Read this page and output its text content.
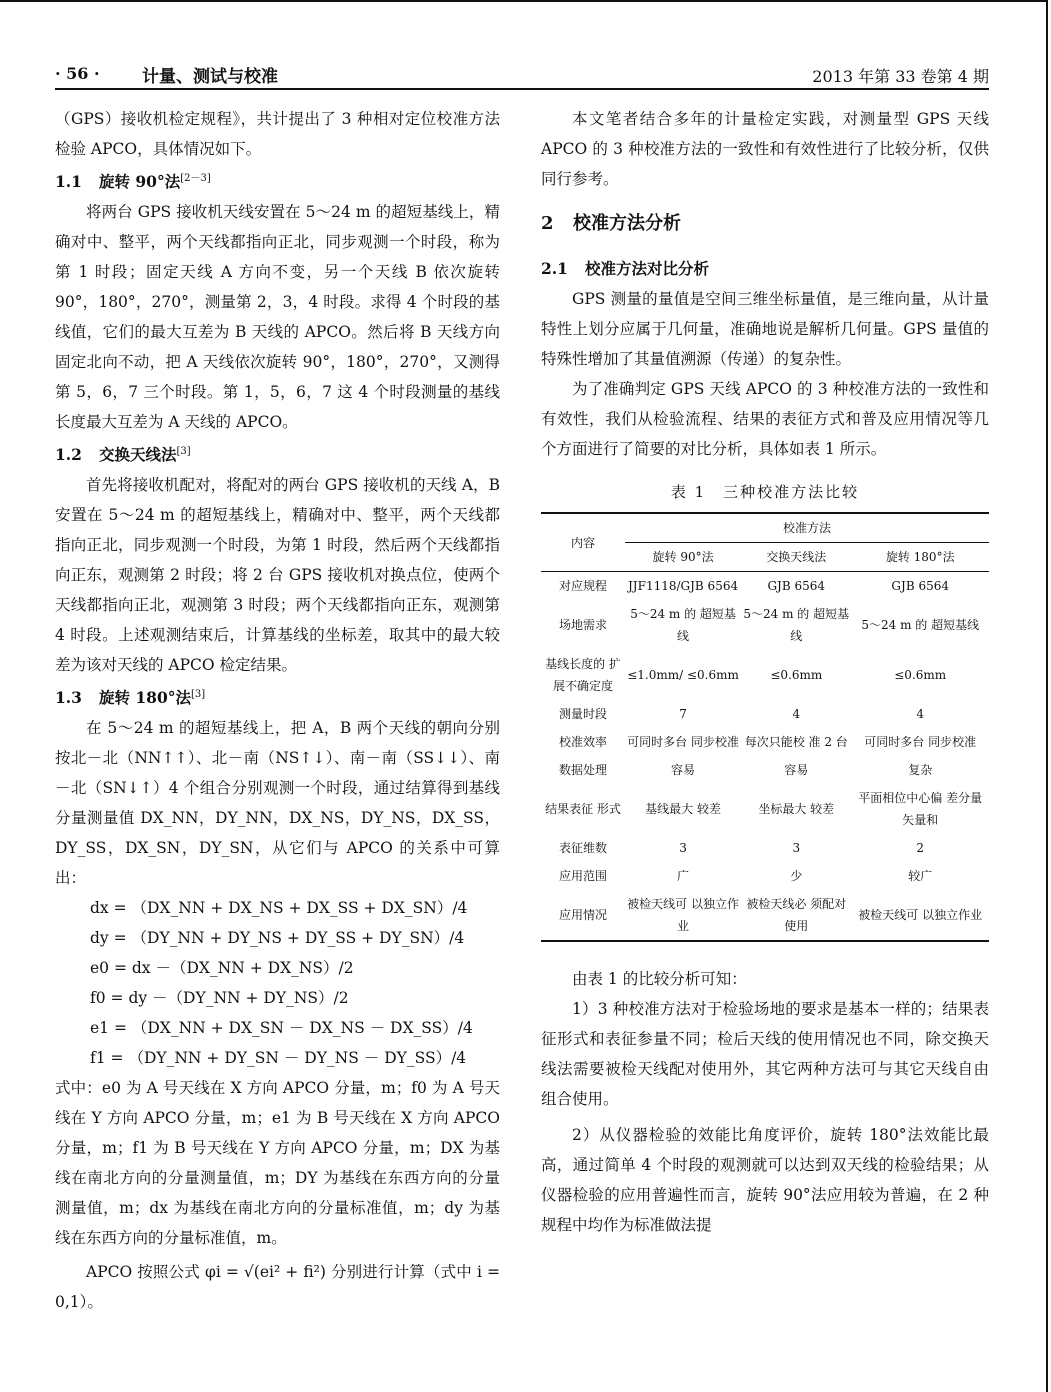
· 56 · 计量、测试与校准	2013 年第 33 卷第 4 期

（GPS）接收机检定规程》，共计提出了 3 种相对定位校准方法检验 APCO，具体情况如下。

1.1 旋转 90°法[2－3]

将两台 GPS 接收机天线安置在 5～24 m 的超短基线上，精确对中、整平，两个天线都指向正北，同步观测一个时段，称为第 1 时段；固定天线 A 方向不变，另一个天线 B 依次旋转 90°，180°，270°，测量第 2，3，4 时段。求得 4 个时段的基线值，它们的最大互差为 B 天线的 APCO。然后将 B 天线方向固定北向不动，把 A 天线依次旋转 90°，180°，270°，又测得第 5，6，7 三个时段。第 1，5，6，7 这 4 个时段测量的基线长度最大互差为 A 天线的 APCO。

1.2 交换天线法[3]

首先将接收机配对，将配对的两台 GPS 接收机的天线 A，B 安置在 5～24 m 的超短基线上，精确对中、整平，两个天线都指向正北，同步观测一个时段，为第 1 时段，然后两个天线都指向正东，观测第 2 时段；将 2 台 GPS 接收机对换点位，使两个天线都指向正北，观测第 3 时段；两个天线都指向正东，观测第 4 时段。上述观测结束后，计算基线的坐标差，取其中的最大较差为该对天线的 APCO 检定结果。

1.3 旋转 180°法[3]

在 5～24 m 的超短基线上，把 A，B 两个天线的朝向分别按北－北（NN↑↑）、北－南（NS↑↓）、南－南（SS↓↓）、南－北（SN↓↑）4 个组合分别观测一个时段，通过结算得到基线分量测量值 DX_NN，DY_NN，DX_NS，DY_NS，DX_SS，DY_SS，DX_SN，DY_SN，从它们与 APCO 的关系中可算出：

dx = （DX_NN + DX_NS + DX_SS + DX_SN）/4
dy = （DY_NN + DY_NS + DY_SS + DY_SN）/4
e0 = dx －（DX_NN + DX_NS）/2
f0 = dy －（DY_NN + DY_NS）/2
e1 = （DX_NN + DX_SN － DX_NS － DX_SS）/4
f1 = （DY_NN + DY_SN － DY_NS － DY_SS）/4

式中：e0 为 A 号天线在 X 方向 APCO 分量，m；f0 为 A 号天线在 Y 方向 APCO 分量，m；e1 为 B 号天线在 X 方向 APCO 分量，m；f1 为 B 号天线在 Y 方向 APCO 分量，m；DX 为基线在南北方向的分量测量值，m；DY 为基线在东西方向的分量测量值，m；dx 为基线在南北方向的分量标准值，m；dy 为基线在东西方向的分量标准值，m。

APCO 按照公式 φi = √(ei² + fi²) 分别进行计算（式中 i = 0,1）。

本文笔者结合多年的计量检定实践，对测量型 GPS 天线 APCO 的 3 种校准方法的一致性和有效性进行了比较分析，仅供同行参考。

2 校准方法分析
2.1 校准方法对比分析

GPS 测量的量值是空间三维坐标量值，是三维向量，从计量特性上划分应属于几何量，准确地说是解析几何量。GPS 量值的特殊性增加了其量值溯源（传递）的复杂性。

为了准确判定 GPS 天线 APCO 的 3 种校准方法的一致性和有效性，我们从检验流程、结果的表征方式和普及应用情况等几个方面进行了简要的对比分析，具体如表 1 所示。

表 1　三种校准方法比较
内容	校准方法		
	旋转 90°法	交换天线法	旋转 180°法
对应规程	JJF1118/GJB 6564	GJB 6564	GJB 6564
场地需求	5～24 m 的 超短基线	5～24 m 的 超短基线	5～24 m 的 超短基线
基线长度的 扩展不确定度	≤1.0mm/ ≤0.6mm	≤0.6mm	≤0.6mm
测量时段	7	4	4
校准效率	可同时多台 同步校准	每次只能校 准 2 台	可同时多台 同步校准
数据处理	容易	容易	复杂
结果表征 形式	基线最大 较差	坐标最大 较差	平面相位中心偏 差分量矢量和
表征维数	3	3	2
应用范围	广	少	较广
应用情况	被检天线可 以独立作业	被检天线必 须配对使用	被检天线可 以独立作业

由表 1 的比较分析可知：

1）3 种校准方法对于检验场地的要求是基本一样的；结果表征形式和表征参量不同；检后天线的使用情况也不同，除交换天线法需要被检天线配对使用外，其它两种方法可与其它天线自由组合使用。

2）从仪器检验的效能比角度评价，旋转 180°法效能比最高，通过简单 4 个时段的观测就可以达到双天线的检验结果；从仪器检验的应用普遍性而言，旋转 90°法应用较为普遍，在 2 种规程中均作为标准做法提
